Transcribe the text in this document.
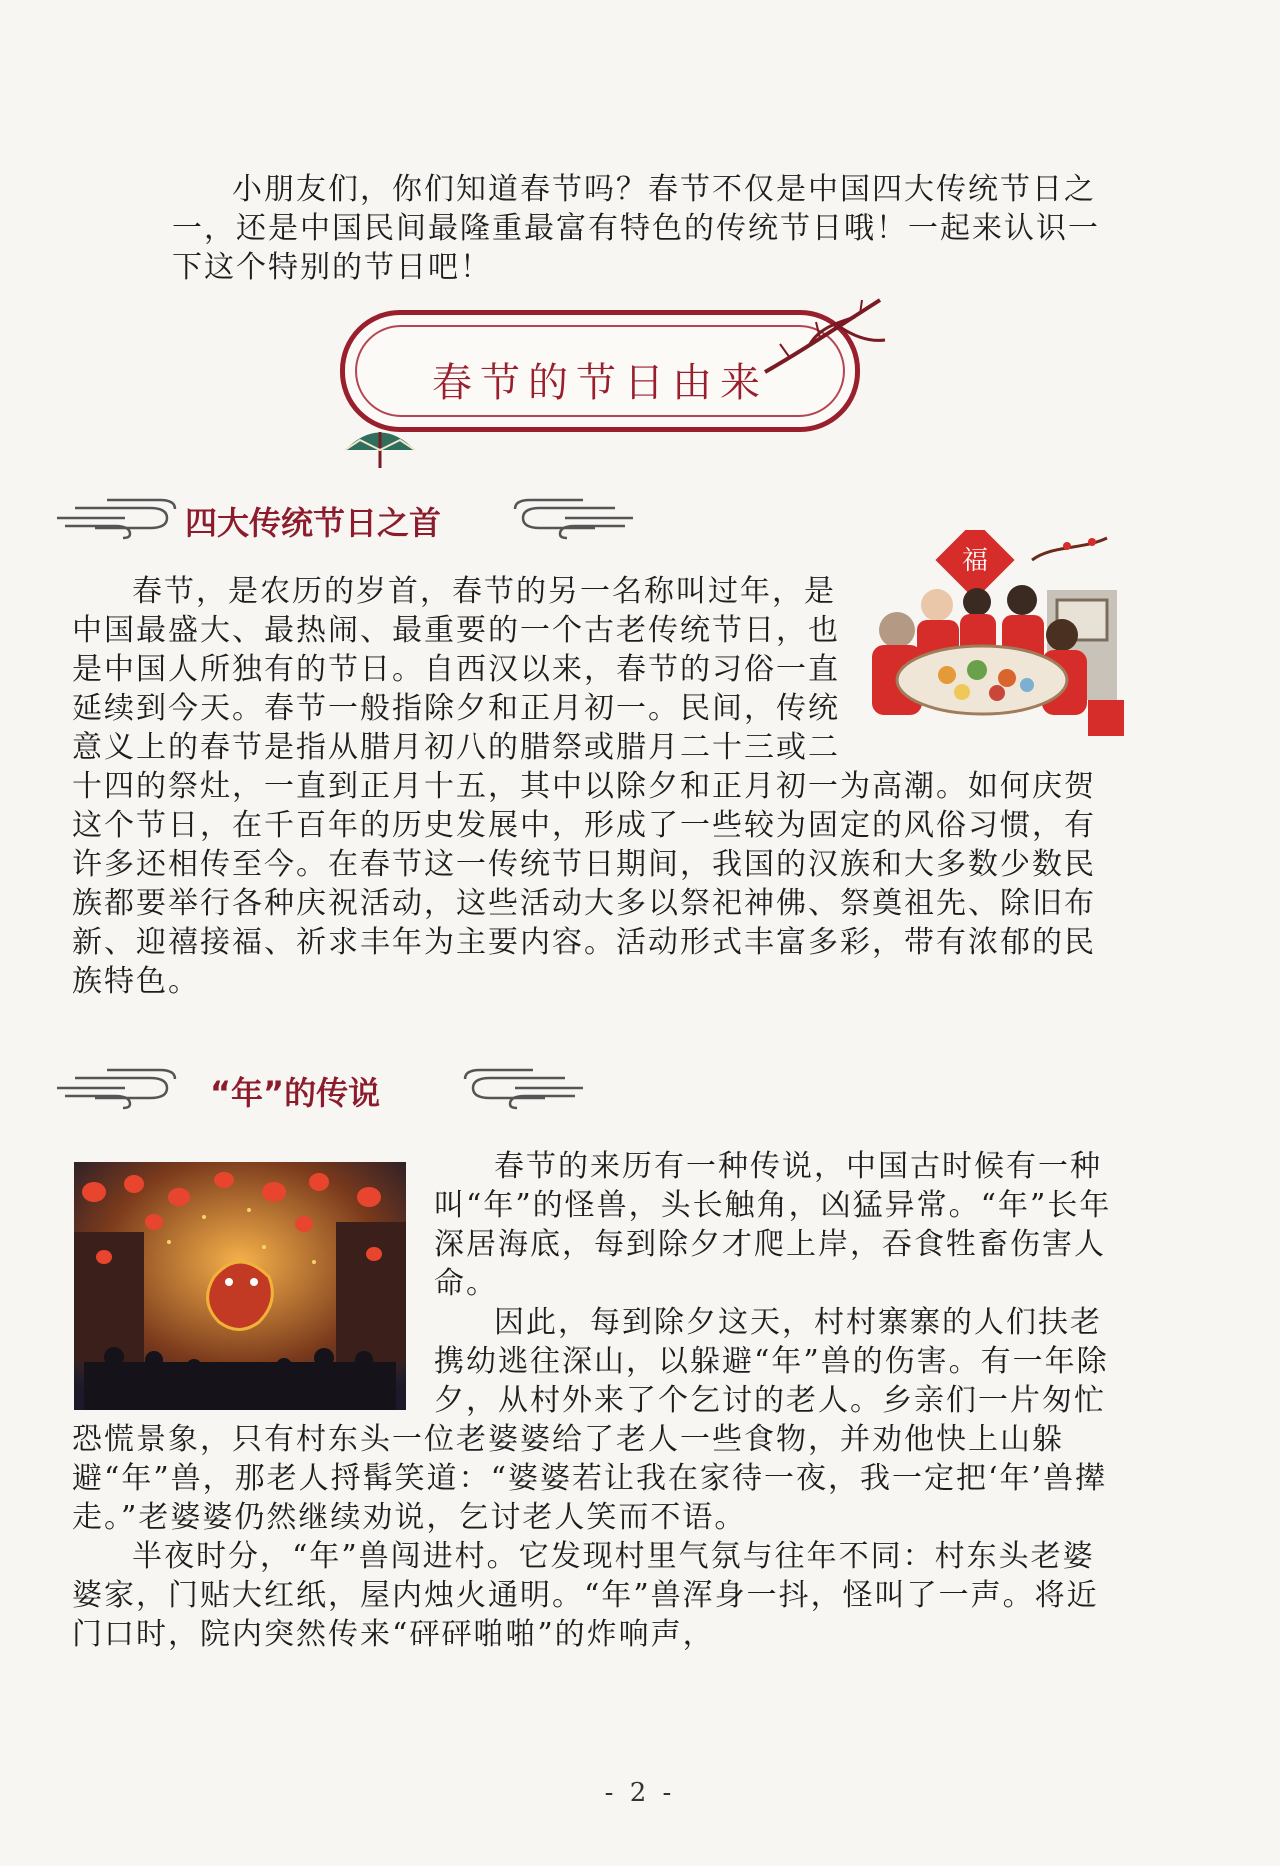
小朋友们，你们知道春节吗？春节不仅是中国四大传统节日之一，还是中国民间最隆重最富有特色的传统节日哦！一起来认识一下这个特别的节日吧！

春节的节日由来
四大传统节日之首
福

春节，是农历的岁首，春节的另一名称叫过年，是中国最盛大、最热闹、最重要的一个古老传统节日，也是中国人所独有的节日。自西汉以来，春节的习俗一直延续到今天。春节一般指除夕和正月初一。民间，传统意义上的春节是指从腊月初八的腊祭或腊月二十三或二十四的祭灶，一直到正月十五，其中以除夕和正月初一为高潮。如何庆贺这个节日，在千百年的历史发展中，形成了一些较为固定的风俗习惯，有许多还相传至今。在春节这一传统节日期间，我国的汉族和大多数少数民族都要举行各种庆祝活动，这些活动大多以祭祀神佛、祭奠祖先、除旧布新、迎禧接福、祈求丰年为主要内容。活动形式丰富多彩，带有浓郁的民族特色。

“年”的传说

春节的来历有一种传说，中国古时候有一种叫“年”的怪兽，头长触角，凶猛异常。“年”长年深居海底，每到除夕才爬上岸，吞食牲畜伤害人命。

因此，每到除夕这天，村村寨寨的人们扶老携幼逃往深山，以躲避“年”兽的伤害。有一年除夕，从村外来了个乞讨的老人。乡亲们一片匆忙恐慌景象，只有村东头一位老婆婆给了老人一些食物，并劝他快上山躲避“年”兽，那老人捋髯笑道：“婆婆若让我在家待一夜，我一定把‘年’兽撵走。”老婆婆仍然继续劝说，乞讨老人笑而不语。

半夜时分，“年”兽闯进村。它发现村里气氛与往年不同：村东头老婆婆家，门贴大红纸，屋内烛火通明。“年”兽浑身一抖，怪叫了一声。将近门口时，院内突然传来“砰砰啪啪”的炸响声，

- 2 -
